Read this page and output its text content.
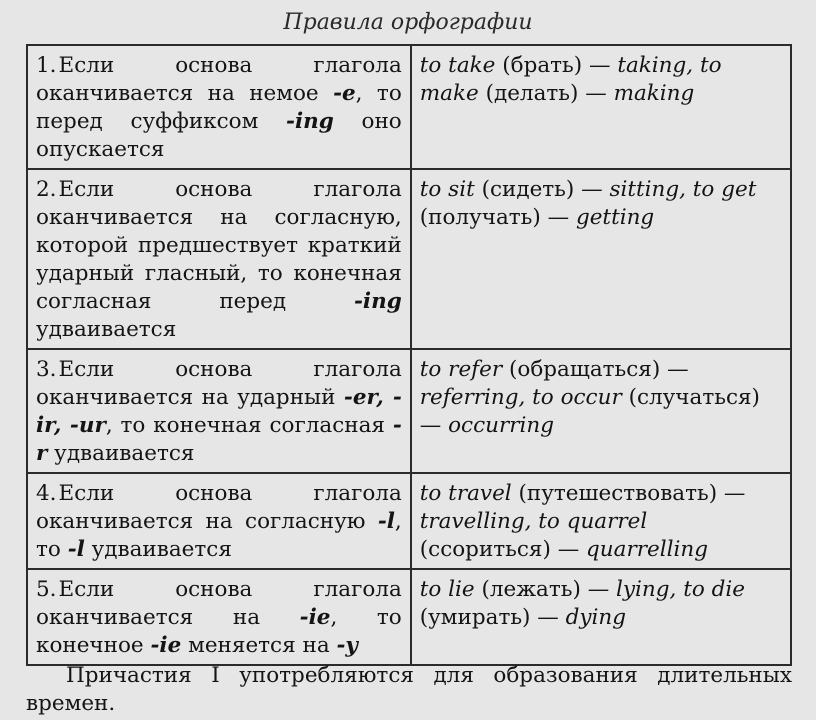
Правила орфографии
1.Если основа глагола оканчивается на немое -e, то перед суффиксом -ing оно опускается	to take (брать) — taking, to make (делать) — making
2.Если основа глагола оканчивается на согласную, которой предшествует краткий ударный гласный, то конечная согласная перед -ing удваивается	to sit (сидеть) — sitting, to get (получать) — getting
3.Если основа глагола оканчивается на ударный -er, -ir, -ur, то конечная согласная -r удваивается	to refer (обращаться) — referring, to occur (случаться) — occurring
4.Если основа глагола оканчивается на согласную -l, то -l удваивается	to travel (путешествовать) — travelling, to quarrel (ссориться) — quarrelling
5.Если основа глагола оканчивается на -ie, то конечное -ie меняется на -y	to lie (лежать) — lying, to die (умирать) — dying
Причастия I употребляются для образования длительных времен.
